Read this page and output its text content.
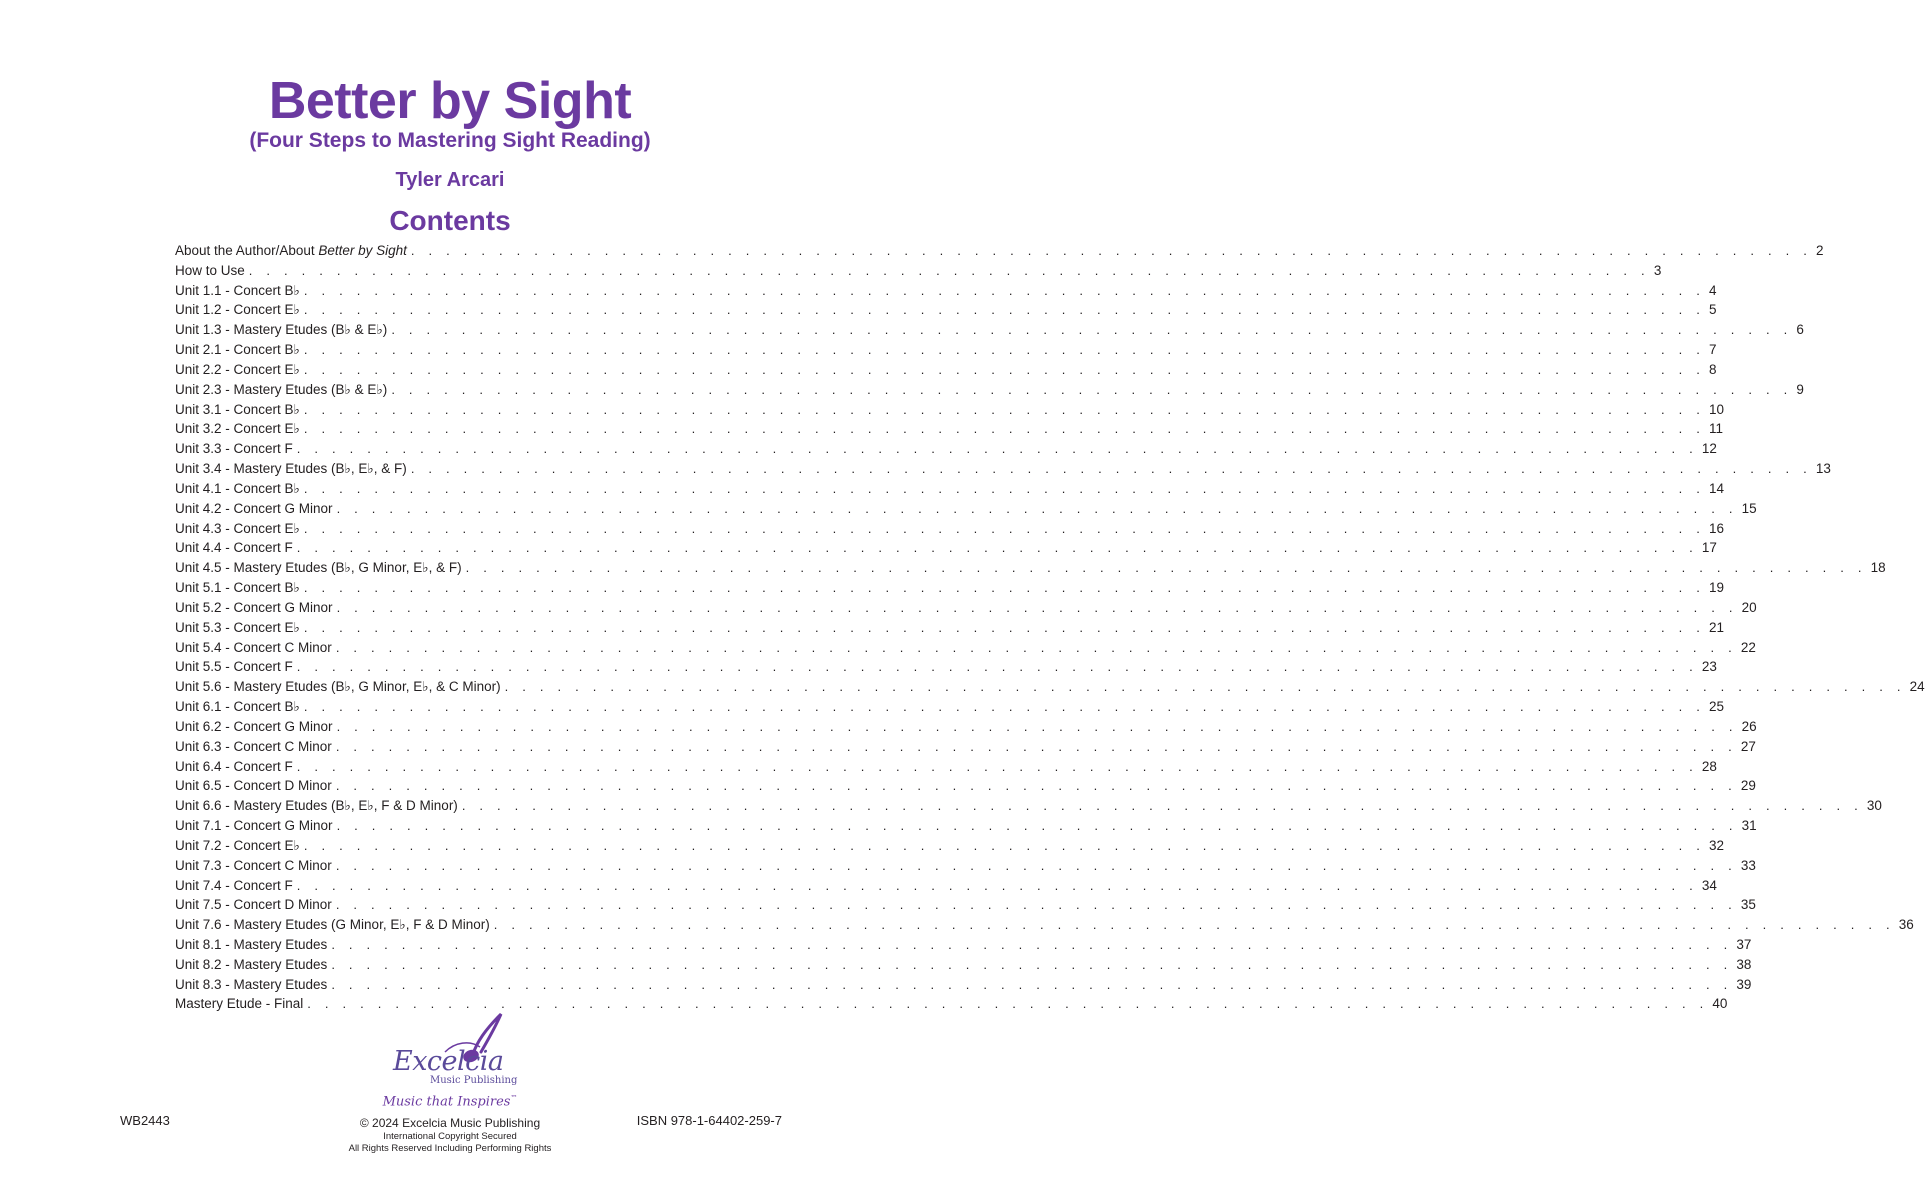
Better by Sight
(Four Steps to Mastering Sight Reading)
Tyler Arcari
Contents
About the Author/About Better by Sight . . . . . . . . . . . . . . . . . . . . . . . . . . . . . . . . . . . . . . . . . . . . . . . . . . . . . . . . . . . . . . . . . . . . . . . . . . . . . . . . 2
How to Use . . . . . . . . . . . . . . . . . . . . . . . . . . . . . . . . . . . . . . . . . . . . . . . . . . . . . . . . . . . . . . . . . . . . . . . . . . . . . . . . 3
Unit 1.1 - Concert B♭ . . . . . . . . . . . . . . . . . . . . . . . . . . . . . . . . . . . . . . . . . . . . . . . . . . . . . . . . . . . . . . . . . . . . . . . . . . . . . . . . 4
Unit 1.2 - Concert E♭ . . . . . . . . . . . . . . . . . . . . . . . . . . . . . . . . . . . . . . . . . . . . . . . . . . . . . . . . . . . . . . . . . . . . . . . . . . . . . . . . 5
Unit 1.3 - Mastery Etudes (B♭ & E♭) . . . . . . . . . . . . . . . . . . . . . . . . . . . . . . . . . . . . . . . . . . . . . . . . . . . . . . . . . . . . . . . . . . . . . . . . . . . . . . . . 6
Unit 2.1 - Concert B♭ . . . . . . . . . . . . . . . . . . . . . . . . . . . . . . . . . . . . . . . . . . . . . . . . . . . . . . . . . . . . . . . . . . . . . . . . . . . . . . . . 7
Unit 2.2 - Concert E♭ . . . . . . . . . . . . . . . . . . . . . . . . . . . . . . . . . . . . . . . . . . . . . . . . . . . . . . . . . . . . . . . . . . . . . . . . . . . . . . . . 8
Unit 2.3 - Mastery Etudes (B♭ & E♭) . . . . . . . . . . . . . . . . . . . . . . . . . . . . . . . . . . . . . . . . . . . . . . . . . . . . . . . . . . . . . . . . . . . . . . . . . . . . . . . . 9
Unit 3.1 - Concert B♭ . . . . . . . . . . . . . . . . . . . . . . . . . . . . . . . . . . . . . . . . . . . . . . . . . . . . . . . . . . . . . . . . . . . . . . . . . . . . . . . . 10
Unit 3.2 - Concert E♭ . . . . . . . . . . . . . . . . . . . . . . . . . . . . . . . . . . . . . . . . . . . . . . . . . . . . . . . . . . . . . . . . . . . . . . . . . . . . . . . . 11
Unit 3.3 - Concert F . . . . . . . . . . . . . . . . . . . . . . . . . . . . . . . . . . . . . . . . . . . . . . . . . . . . . . . . . . . . . . . . . . . . . . . . . . . . . . . . 12
Unit 3.4 - Mastery Etudes (B♭, E♭, & F) . . . . . . . . . . . . . . . . . . . . . . . . . . . . . . . . . . . . . . . . . . . . . . . . . . . . . . . . . . . . . . . . . . . . . . . . . . . . . . . . 13
Unit 4.1 - Concert B♭ . . . . . . . . . . . . . . . . . . . . . . . . . . . . . . . . . . . . . . . . . . . . . . . . . . . . . . . . . . . . . . . . . . . . . . . . . . . . . . . . 14
Unit 4.2 - Concert G Minor . . . . . . . . . . . . . . . . . . . . . . . . . . . . . . . . . . . . . . . . . . . . . . . . . . . . . . . . . . . . . . . . . . . . . . . . . . . . . . . . 15
Unit 4.3 - Concert E♭ . . . . . . . . . . . . . . . . . . . . . . . . . . . . . . . . . . . . . . . . . . . . . . . . . . . . . . . . . . . . . . . . . . . . . . . . . . . . . . . . 16
Unit 4.4 - Concert F . . . . . . . . . . . . . . . . . . . . . . . . . . . . . . . . . . . . . . . . . . . . . . . . . . . . . . . . . . . . . . . . . . . . . . . . . . . . . . . . 17
Unit 4.5 - Mastery Etudes (B♭, G Minor, E♭, & F) . . . . . . . . . . . . . . . . . . . . . . . . . . . . . . . . . . . . . . . . . . . . . . . . . . . . . . . . . . . . . . . . . . . . . . . . . . . . . . . . 18
Unit 5.1 - Concert B♭ . . . . . . . . . . . . . . . . . . . . . . . . . . . . . . . . . . . . . . . . . . . . . . . . . . . . . . . . . . . . . . . . . . . . . . . . . . . . . . . . 19
Unit 5.2 - Concert G Minor . . . . . . . . . . . . . . . . . . . . . . . . . . . . . . . . . . . . . . . . . . . . . . . . . . . . . . . . . . . . . . . . . . . . . . . . . . . . . . . . 20
Unit 5.3 - Concert E♭ . . . . . . . . . . . . . . . . . . . . . . . . . . . . . . . . . . . . . . . . . . . . . . . . . . . . . . . . . . . . . . . . . . . . . . . . . . . . . . . . 21
Unit 5.4 - Concert C Minor . . . . . . . . . . . . . . . . . . . . . . . . . . . . . . . . . . . . . . . . . . . . . . . . . . . . . . . . . . . . . . . . . . . . . . . . . . . . . . . . 22
Unit 5.5 - Concert F . . . . . . . . . . . . . . . . . . . . . . . . . . . . . . . . . . . . . . . . . . . . . . . . . . . . . . . . . . . . . . . . . . . . . . . . . . . . . . . . 23
Unit 5.6 - Mastery Etudes (B♭, G Minor, E♭, & C Minor) . . . . . . . . . . . . . . . . . . . . . . . . . . . . . . . . . . . . . . . . . . . . . . . . . . . . . . . . . . . . . . . . . . . . . . . . . . . . . . . . 24
Unit 6.1 - Concert B♭ . . . . . . . . . . . . . . . . . . . . . . . . . . . . . . . . . . . . . . . . . . . . . . . . . . . . . . . . . . . . . . . . . . . . . . . . . . . . . . . . 25
Unit 6.2 - Concert G Minor . . . . . . . . . . . . . . . . . . . . . . . . . . . . . . . . . . . . . . . . . . . . . . . . . . . . . . . . . . . . . . . . . . . . . . . . . . . . . . . . 26
Unit 6.3 - Concert C Minor . . . . . . . . . . . . . . . . . . . . . . . . . . . . . . . . . . . . . . . . . . . . . . . . . . . . . . . . . . . . . . . . . . . . . . . . . . . . . . . . 27
Unit 6.4 - Concert F . . . . . . . . . . . . . . . . . . . . . . . . . . . . . . . . . . . . . . . . . . . . . . . . . . . . . . . . . . . . . . . . . . . . . . . . . . . . . . . . 28
Unit 6.5 - Concert D Minor . . . . . . . . . . . . . . . . . . . . . . . . . . . . . . . . . . . . . . . . . . . . . . . . . . . . . . . . . . . . . . . . . . . . . . . . . . . . . . . . 29
Unit 6.6 - Mastery Etudes (B♭, E♭, F & D Minor) . . . . . . . . . . . . . . . . . . . . . . . . . . . . . . . . . . . . . . . . . . . . . . . . . . . . . . . . . . . . . . . . . . . . . . . . . . . . . . . . 30
Unit 7.1 - Concert G Minor . . . . . . . . . . . . . . . . . . . . . . . . . . . . . . . . . . . . . . . . . . . . . . . . . . . . . . . . . . . . . . . . . . . . . . . . . . . . . . . . 31
Unit 7.2 - Concert E♭ . . . . . . . . . . . . . . . . . . . . . . . . . . . . . . . . . . . . . . . . . . . . . . . . . . . . . . . . . . . . . . . . . . . . . . . . . . . . . . . . 32
Unit 7.3 - Concert C Minor . . . . . . . . . . . . . . . . . . . . . . . . . . . . . . . . . . . . . . . . . . . . . . . . . . . . . . . . . . . . . . . . . . . . . . . . . . . . . . . . 33
Unit 7.4 - Concert F . . . . . . . . . . . . . . . . . . . . . . . . . . . . . . . . . . . . . . . . . . . . . . . . . . . . . . . . . . . . . . . . . . . . . . . . . . . . . . . . 34
Unit 7.5 - Concert D Minor . . . . . . . . . . . . . . . . . . . . . . . . . . . . . . . . . . . . . . . . . . . . . . . . . . . . . . . . . . . . . . . . . . . . . . . . . . . . . . . . 35
Unit 7.6 - Mastery Etudes (G Minor, E♭, F & D Minor) . . . . . . . . . . . . . . . . . . . . . . . . . . . . . . . . . . . . . . . . . . . . . . . . . . . . . . . . . . . . . . . . . . . . . . . . . . . . . . . . 36
Unit 8.1 - Mastery Etudes . . . . . . . . . . . . . . . . . . . . . . . . . . . . . . . . . . . . . . . . . . . . . . . . . . . . . . . . . . . . . . . . . . . . . . . . . . . . . . . . 37
Unit 8.2 - Mastery Etudes . . . . . . . . . . . . . . . . . . . . . . . . . . . . . . . . . . . . . . . . . . . . . . . . . . . . . . . . . . . . . . . . . . . . . . . . . . . . . . . . 38
Unit 8.3 - Mastery Etudes . . . . . . . . . . . . . . . . . . . . . . . . . . . . . . . . . . . . . . . . . . . . . . . . . . . . . . . . . . . . . . . . . . . . . . . . . . . . . . . . 39
Mastery Etude - Final . . . . . . . . . . . . . . . . . . . . . . . . . . . . . . . . . . . . . . . . . . . . . . . . . . . . . . . . . . . . . . . . . . . . . . . . . . . . . . . . 40
Excelcia
Music Publishing
Music that Inspires™
WB2443	ISBN 978-1-64402-259-7
© 2024 Excelcia Music Publishing
International Copyright Secured
All Rights Reserved Including Performing Rights
